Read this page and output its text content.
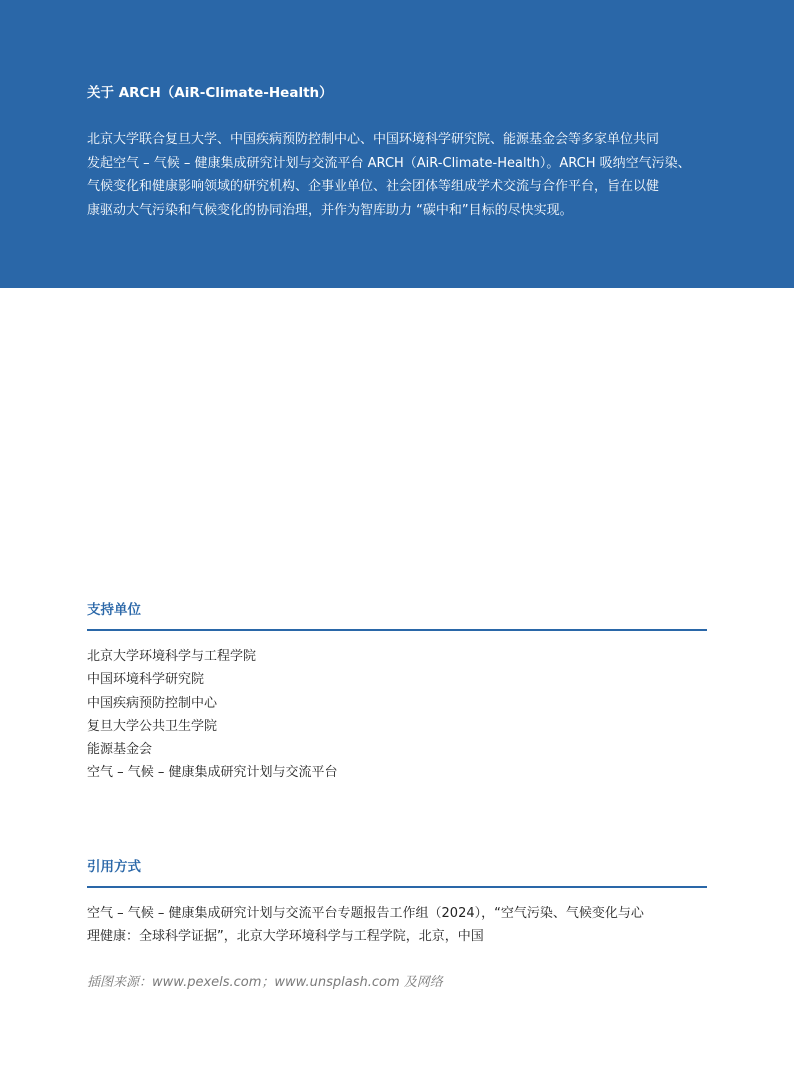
关于 ARCH（AiR-Climate-Health）
北京大学联合复旦大学、中国疾病预防控制中心、中国环境科学研究院、能源基金会等多家单位共同
发起空气 – 气候 – 健康集成研究计划与交流平台 ARCH（AiR-Climate-Health）。ARCH 吸纳空气污染、
气候变化和健康影响领域的研究机构、企事业单位、社会团体等组成学术交流与合作平台，旨在以健
康驱动大气污染和气候变化的协同治理，并作为智库助力 “碳中和”目标的尽快实现。
支持单位
北京大学环境科学与工程学院
中国环境科学研究院
中国疾病预防控制中心
复旦大学公共卫生学院
能源基金会
空气 – 气候 – 健康集成研究计划与交流平台
引用方式
空气 – 气候 – 健康集成研究计划与交流平台专题报告工作组（2024），“空气污染、气候变化与心
理健康：全球科学证据”，北京大学环境科学与工程学院，北京，中国
插图来源：www.pexels.com；www.unsplash.com 及网络
